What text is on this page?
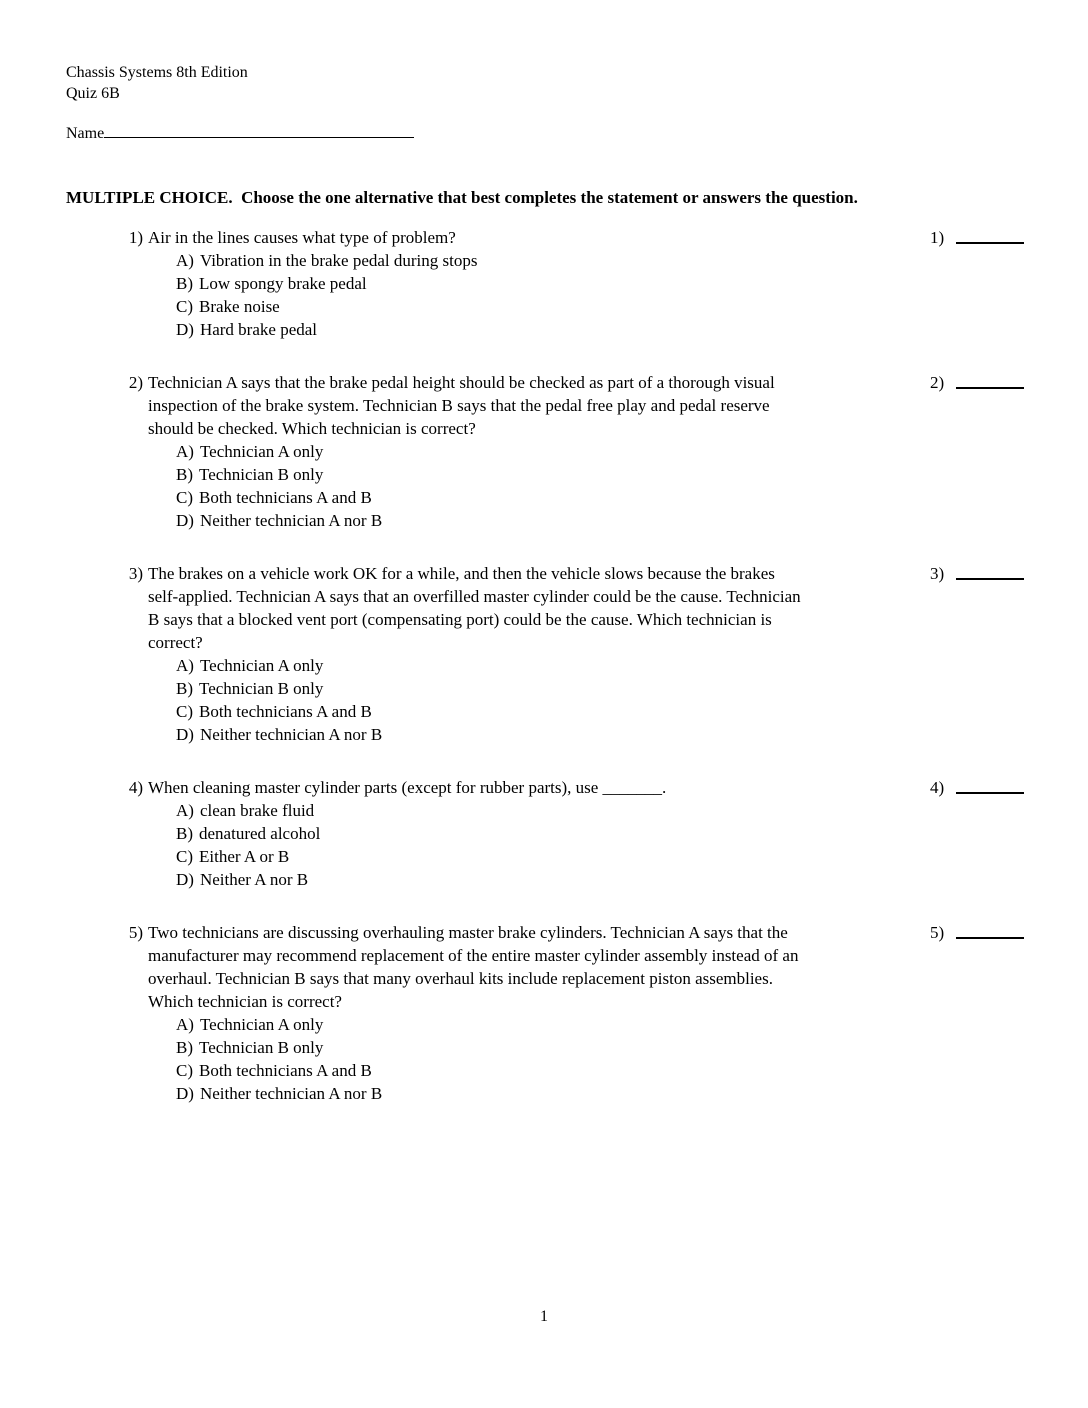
Chassis Systems 8th Edition
Quiz 6B
Name
MULTIPLE CHOICE.  Choose the one alternative that best completes the statement or answers the question.
1) Air in the lines causes what type of problem?	1)
A) Vibration in the brake pedal during stops
B) Low spongy brake pedal
C) Brake noise
D) Hard brake pedal
2) Technician A says that the brake pedal height should be checked as part of a thorough visual
inspection of the brake system. Technician B says that the pedal free play and pedal reserve
should be checked. Which technician is correct?
2)
A) Technician A only
B) Technician B only
C) Both technicians A and B
D) Neither technician A nor B
3) The brakes on a vehicle work OK for a while, and then the vehicle slows because the brakes
self-applied. Technician A says that an overfilled master cylinder could be the cause. Technician
B says that a blocked vent port (compensating port) could be the cause. Which technician is
correct?
3)
A) Technician A only
B) Technician B only
C) Both technicians A and B
D) Neither technician A nor B
4) When cleaning master cylinder parts (except for rubber parts), use _______.	4)
A) clean brake fluid
B) denatured alcohol
C) Either A or B
D) Neither A nor B
5) Two technicians are discussing overhauling master brake cylinders. Technician A says that the
manufacturer may recommend replacement of the entire master cylinder assembly instead of an
overhaul. Technician B says that many overhaul kits include replacement piston assemblies.
Which technician is correct?
5)
A) Technician A only
B) Technician B only
C) Both technicians A and B
D) Neither technician A nor B
1
